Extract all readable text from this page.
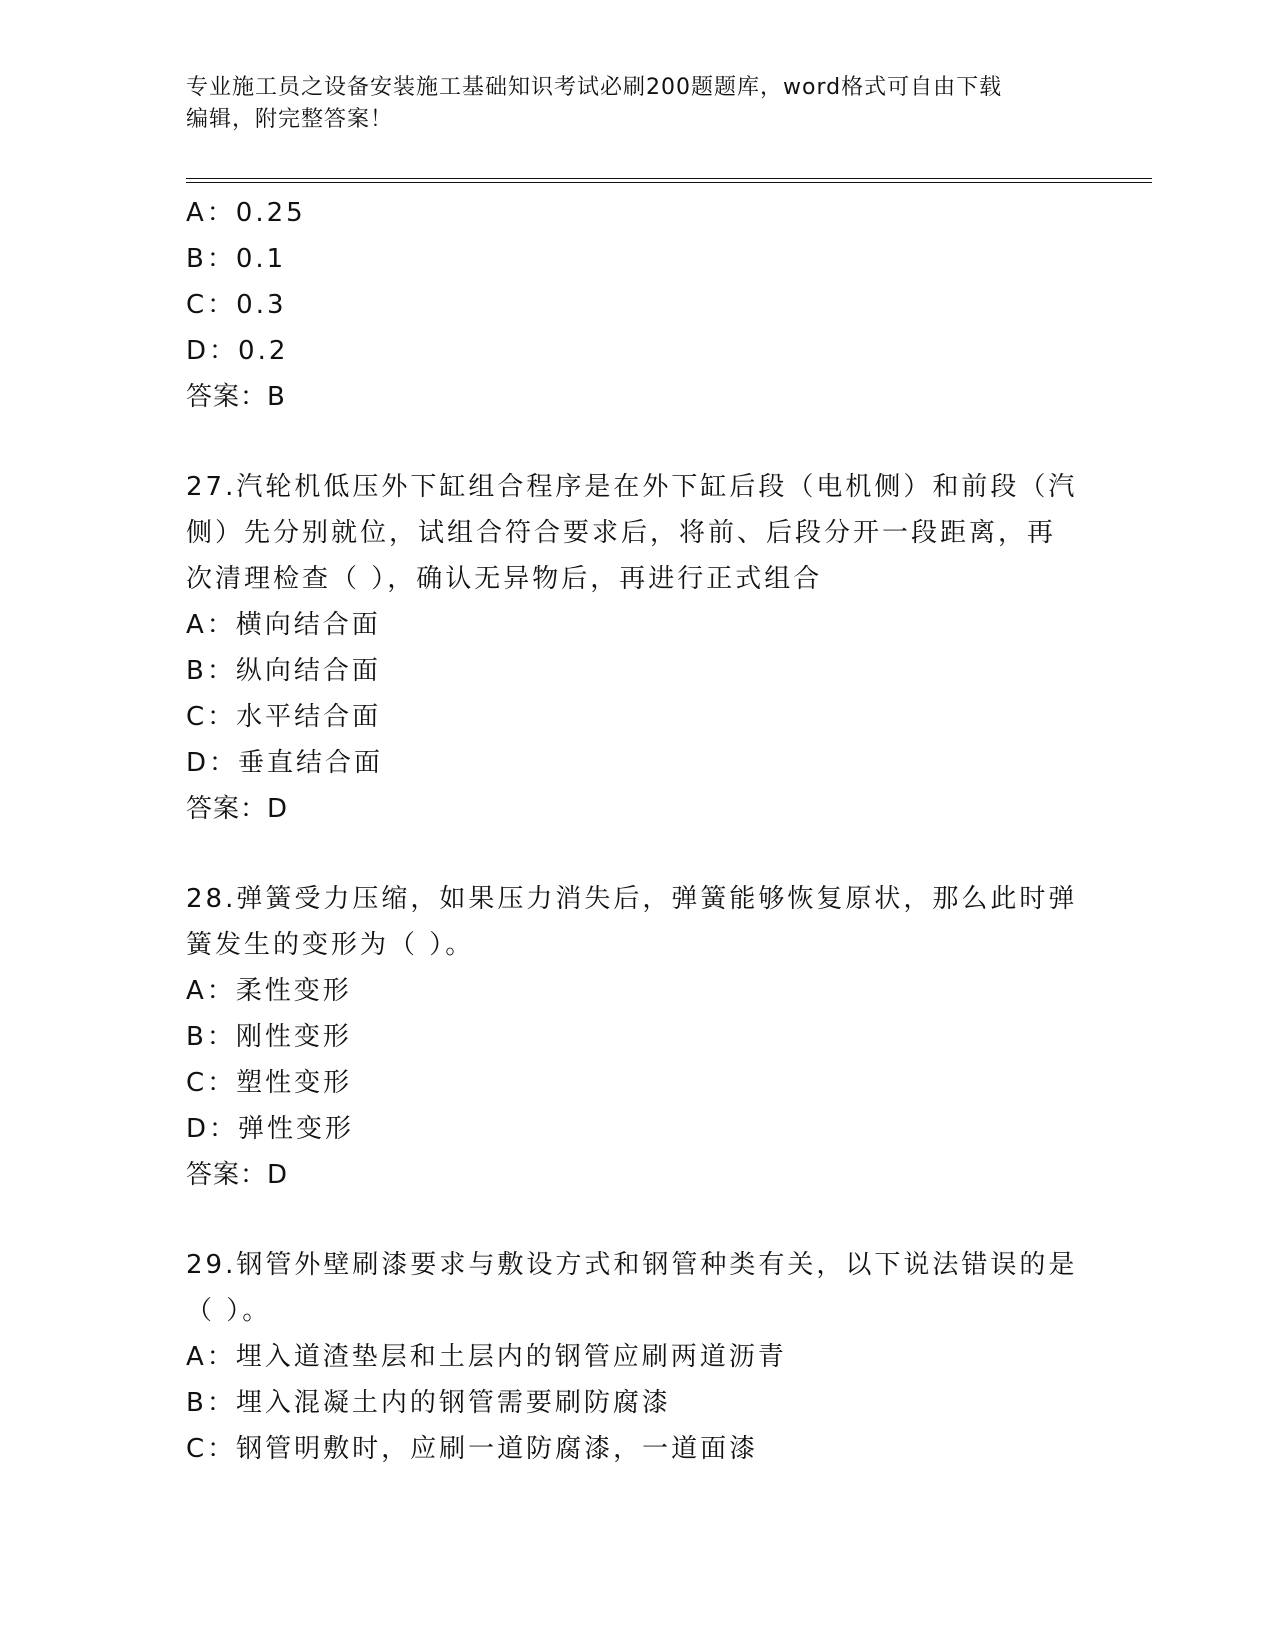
专业施工员之设备安装施工基础知识考试必刷200题题库，word格式可自由下载
编辑，附完整答案！
A：0.25
B：0.1
C：0.3
D：0.2
答案：B
27.汽轮机低压外下缸组合程序是在外下缸后段（电机侧）和前段（汽
侧）先分别就位，试组合符合要求后，将前、后段分开一段距离，再
次清理检查（ ），确认无异物后，再进行正式组合
A：横向结合面
B：纵向结合面
C：水平结合面
D：垂直结合面
答案：D
28.弹簧受力压缩，如果压力消失后，弹簧能够恢复原状，那么此时弹
簧发生的变形为（ ）。
A：柔性变形
B：刚性变形
C：塑性变形
D：弹性变形
答案：D
29.钢管外壁刷漆要求与敷设方式和钢管种类有关，以下说法错误的是
（ ）。
A：埋入道渣垫层和土层内的钢管应刷两道沥青
B：埋入混凝土内的钢管需要刷防腐漆
C：钢管明敷时，应刷一道防腐漆，一道面漆
